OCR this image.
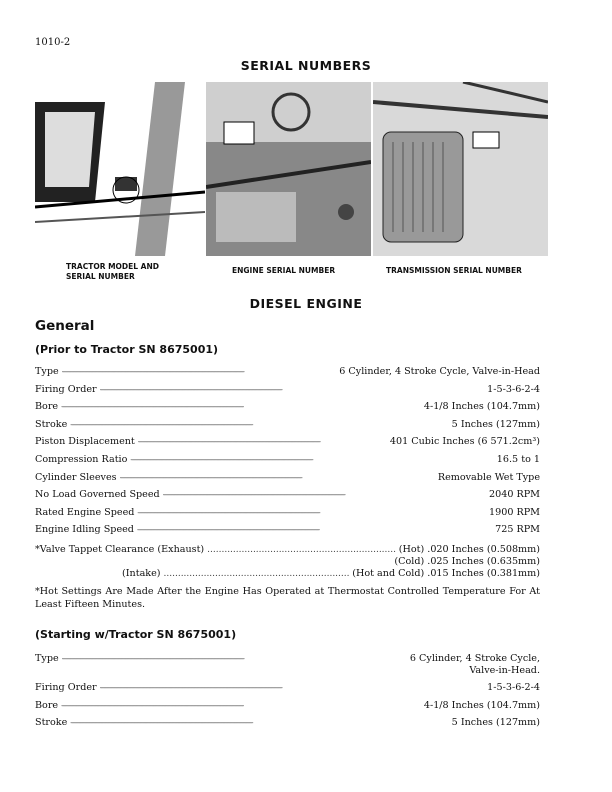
1010-2
SERIAL NUMBERS
TRACTOR MODEL AND
SERIAL NUMBER
ENGINE SERIAL NUMBER	TRANSMISSION SERIAL NUMBER
DIESEL ENGINE
General
(Prior to Tractor SN 8675001)
Type -----	6 Cylinder, 4 Stroke Cycle, Valve-in-Head
Firing Order -----	1-5-3-6-2-4
Bore -----	4-1/8 Inches (104.7mm)
Stroke -----	5 Inches (127mm)
Piston Displacement -----	401 Cubic Inches (6 571.2cm³)
Compression Ratio -----	16.5 to 1
Cylinder Sleeves -----	Removable Wet Type
No Load Governed Speed -----	2040 RPM
Rated Engine Speed -----	1900 RPM
Engine Idling Speed -----	725 RPM
*Valve Tappet Clearance (Exhaust) .....	(Hot) .020 Inches (0.508mm)
(Cold) .025 Inches (0.635mm)
(Intake) .....	(Hot and Cold) .015 Inches (0.381mm)
*Hot Settings Are Made After the Engine Has Operated at Thermostat Controlled Temperature For At Least Fifteen Minutes.
(Starting w/Tractor SN 8675001)
Type -----	6 Cylinder, 4 Stroke Cycle,
Valve-in-Head.
Firing Order -----	1-5-3-6-2-4
Bore -----	4-1/8 Inches (104.7mm)
Stroke -----	5 Inches (127mm)
